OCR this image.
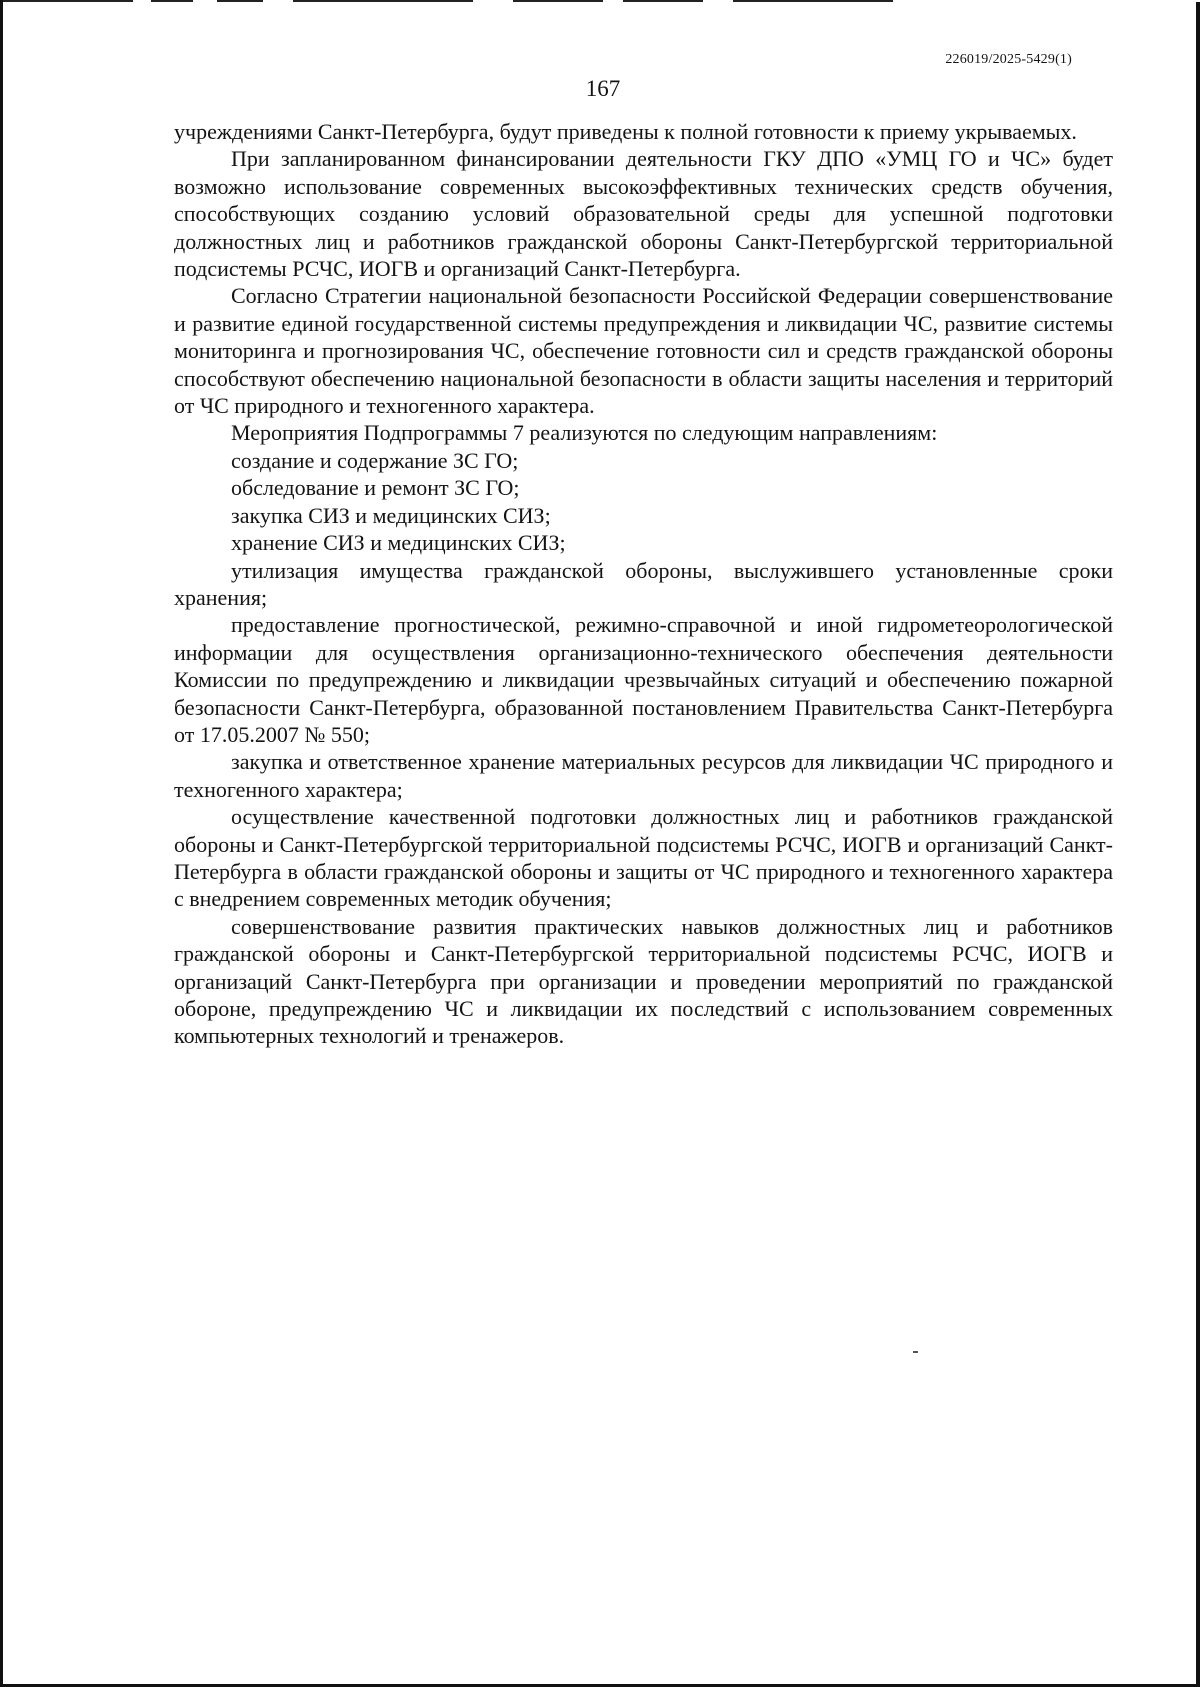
226019/2025-5429(1)
167

учреждениями Санкт-Петербурга, будут приведены к полной готовности к приему укрываемых.

При запланированном финансировании деятельности ГКУ ДПО «УМЦ ГО и ЧС» будет возможно использование современных высокоэффективных технических средств обучения, способствующих созданию условий образовательной среды для успешной подготовки должностных лиц и работников гражданской обороны Санкт-Петербургской территориальной подсистемы РСЧС, ИОГВ и организаций Санкт-Петербурга.

Согласно Стратегии национальной безопасности Российской Федерации совершенствование и развитие единой государственной системы предупреждения и ликвидации ЧС, развитие системы мониторинга и прогнозирования ЧС, обеспечение готовности сил и средств гражданской обороны способствуют обеспечению национальной безопасности в области защиты населения и территорий от ЧС природного и техногенного характера.

Мероприятия Подпрограммы 7 реализуются по следующим направлениям:

создание и содержание ЗС ГО;

обследование и ремонт ЗС ГО;

закупка СИЗ и медицинских СИЗ;

хранение СИЗ и медицинских СИЗ;

утилизация имущества гражданской обороны, выслужившего установленные сроки хранения;

предоставление прогностической, режимно-справочной и иной гидрометеорологической информации для осуществления организационно-технического обеспечения деятельности Комиссии по предупреждению и ликвидации чрезвычайных ситуаций и обеспечению пожарной безопасности Санкт-Петербурга, образованной постановлением Правительства Санкт-Петербурга от 17.05.2007 № 550;

закупка и ответственное хранение материальных ресурсов для ликвидации ЧС природного и техногенного характера;

осуществление качественной подготовки должностных лиц и работников гражданской обороны и Санкт-Петербургской территориальной подсистемы РСЧС, ИОГВ и организаций Санкт-Петербурга в области гражданской обороны и защиты от ЧС природного и техногенного характера с внедрением современных методик обучения;

совершенствование развития практических навыков должностных лиц и работников гражданской обороны и Санкт-Петербургской территориальной подсистемы РСЧС, ИОГВ и организаций Санкт-Петербурга при организации и проведении мероприятий по гражданской обороне, предупреждению ЧС и ликвидации их последствий с использованием современных компьютерных технологий и тренажеров.
